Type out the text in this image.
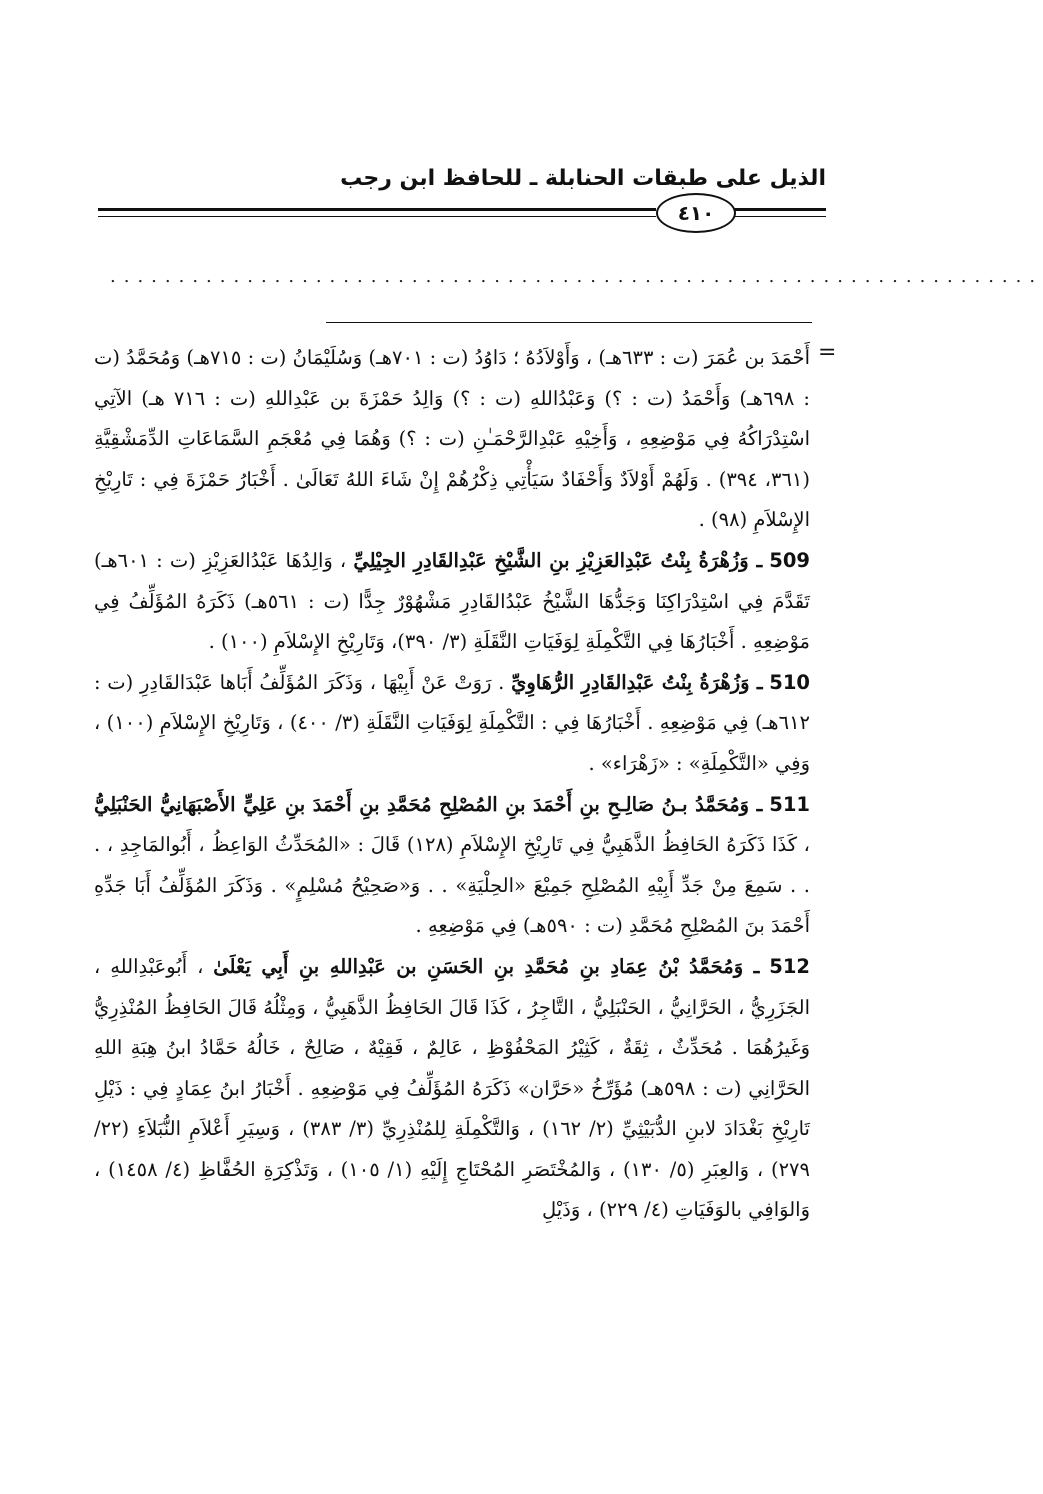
الذيل على طبقات الحنابلة ـ للحافظ ابن رجب
٤١٠
....................................................................
=

أَحْمَدَ بن عُمَرَ (ت : ٦٣٣هـ) ، وَأَوْلاَدُهُ ؛ دَاوُدُ (ت : ٧٠١هـ) وَسُلَيْمَانُ (ت : ٧١٥هـ) وَمُحَمَّدُ (ت : ٦٩٨هـ) وَأَحْمَدُ (ت : ؟) وَعَبْدُاللهِ (ت : ؟) وَالِدُ حَمْزَةَ بن عَبْدِاللهِ (ت : ٧١٦ هـ) الآتِي اسْتِدْرَاكُهُ فِي مَوْضِعِهِ ، وَأَخِيْهِ عَبْدِالرَّحْمَـٰنِ (ت : ؟) وَهُمَا فِي مُعْجَمِ السَّمَاعَاتِ الدِّمَشْقِيَّةِ (٣٦١، ٣٩٤) . وَلَهُمْ أَوْلاَدٌ وَأَحْفَادٌ سَيَأْتِي ذِكْرُهُمْ إِنْ شَاءَ اللهُ تَعَالَىٰ . أَخْبَارُ حَمْزَةَ فِي : تَارِيْخِ الإِسْلاَمِ (٩٨) .

509 ـ وَزُهْرَةُ بِنْتُ عَبْدِالعَزِيْزِ بنِ الشَّيْخِ عَبْدِالقَادِرِ الجِيْلِيِّ ، وَالِدُهَا عَبْدُالعَزِيْزِ (ت : ٦٠١هـ) تَقَدَّمَ فِي اسْتِدْرَاكِنَا وَجَدُّهَا الشَّيْخُ عَبْدُالقَادِرِ مَشْهُوْرٌ جِدًّا (ت : ٥٦١هـ) ذَكَرَهُ المُؤَلِّفُ فِي مَوْضِعِهِ . أَخْبَارُهَا فِي التَّكْمِلَةِ لِوَفَيَاتِ النَّقَلَةِ (٣/ ٣٩٠)، وَتَارِيْخِ الإِسْلاَمِ (١٠٠) .

510 ـ وَزُهْرَةُ بِنْتُ عَبْدِالقَادِرِ الرُّهَاوِيِّ . رَوَتْ عَنْ أَبِيْهَا ، وَذَكَرَ المُؤَلِّفُ أَبَاها عَبْدَالقَادِرِ (ت : ٦١٢هـ) فِي مَوْضِعِهِ . أَخْبَارُهَا فِي : التَّكْمِلَةِ لِوَفَيَاتِ النَّقَلَةِ (٣/ ٤٠٠) ، وَتَارِيْخِ الإِسْلاَمِ (١٠٠) ، وَفِي «التَّكْمِلَةِ» : «زَهْرَاء» .

511 ـ وَمُحَمَّدُ بـنُ صَالِـحِ بنِ أَحْمَدَ بنِ المُصْلِحِ مُحَمَّدِ بنِ أَحْمَدَ بنِ عَلِيٍّ الأَصْبَهَانِيُّ الحَنْبَلِيُّ ، كَذَا ذَكَرَهُ الحَافِظُ الذَّهَبِيُّ فِي تَارِيْخِ الإِسْلاَمِ (١٢٨) قَالَ : «المُحَدِّثُ الوَاعِظُ ، أَبُوالمَاجِدِ ، . . . سَمِعَ مِنْ جَدِّ أَبِيْهِ المُصْلِحِ جَمِيْعَ «الحِلْيَةِ» . . وَ«صَحِيْحُ مُسْلِمٍ» . وَذَكَرَ المُؤَلِّفُ أَبَا جَدِّهِ أَحْمَدَ بنَ المُصْلِحِ مُحَمَّدِ (ت : ٥٩٠هـ) فِي مَوْضِعِهِ .

512 ـ وَمُحَمَّدُ بْنُ عِمَادِ بنِ مُحَمَّدِ بنِ الحَسَنِ بن عَبْدِاللهِ بنِ أَبِي يَعْلَىٰ ، أَبُوعَبْدِاللهِ ، الجَزَرِيُّ ، الحَرَّانِيُّ ، الحَنْبَلِيُّ ، التَّاجِرُ ، كَذَا قَالَ الحَافِظُ الذَّهَبِيُّ ، وَمِثْلُهُ قَالَ الحَافِظُ المُنْذِرِيُّ وَغَيرُهُمَا . مُحَدِّثٌ ، ثِقَةٌ ، كَثِيْرُ المَحْفُوْظِ ، عَالِمٌ ، فَقِيْهٌ ، صَالِحٌ ، خَالُهُ حَمَّادُ ابنُ هِبَةِ اللهِ الحَرَّانِي (ت : ٥٩٨هـ) مُؤَرِّخُ «حَرَّان» ذَكَرَهُ المُؤَلِّفُ فِي مَوْضِعِهِ . أَخْبَارُ ابنُ عِمَادٍ فِي : ذَيْلِ تَارِيْخِ بَغْدَادَ لابنِ الدُّبَيْثِيِّ (٢/ ١٦٢) ، وَالتَّكْمِلَةِ لِلمُنْذِرِيِّ (٣/ ٣٨٣) ، وَسِيَرِ أَعْلاَمِ النُّبَلاَءِ (٢٢/ ٢٧٩) ، وَالعِبَرِ (٥/ ١٣٠) ، وَالمُخْتَصَرِ المُحْتَاجِ إِلَيْهِ (١/ ١٠٥) ، وَتَذْكِرَةِ الحُفَّاظِ (٤/ ١٤٥٨) ، وَالوَافِي بالوَفَيَاتِ (٤/ ٢٢٩) ، وَذَيْلِ
